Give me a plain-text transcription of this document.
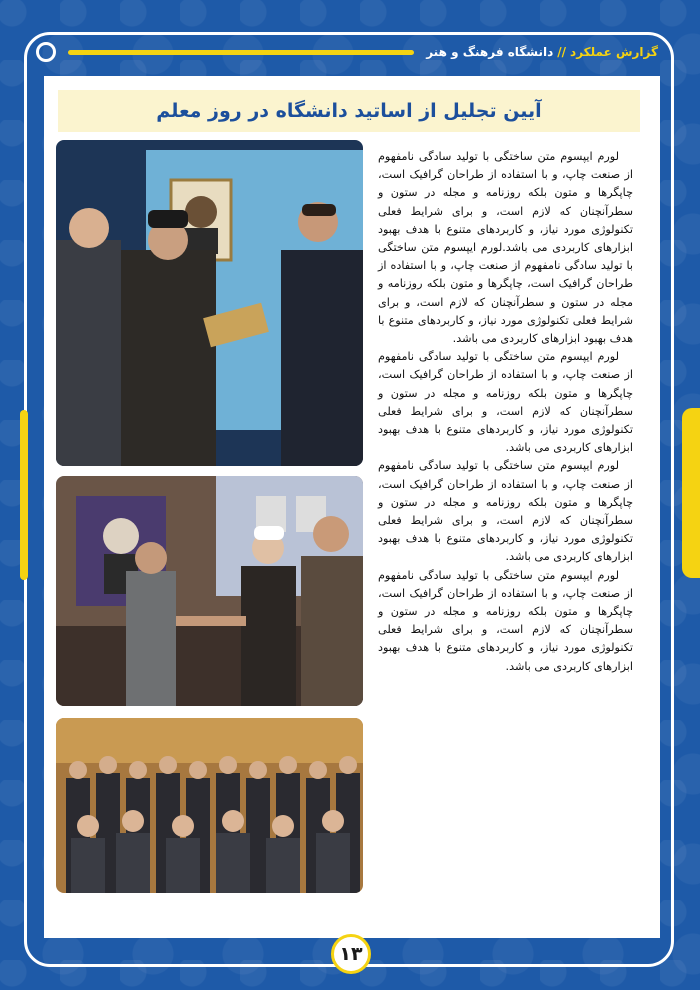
گزارش عملکرد//دانشگاه فرهنگ و هنر
آیین تجلیل از اساتید دانشگاه در روز معلم

لورم ایپسوم متن ساختگی با تولید سادگی نامفهوم از صنعت چاپ، و با استفاده از طراحان گرافیک است، چاپگرها و متون بلکه روزنامه و مجله در ستون و سطرآنچنان که لازم است، و برای شرایط فعلی تکنولوژی مورد نیاز، و کاربردهای متنوع با هدف بهبود ابزارهای کاربردی می باشد.لورم ایپسوم متن ساختگی با تولید سادگی نامفهوم از صنعت چاپ، و با استفاده از طراحان گرافیک است، چاپگرها و متون بلکه روزنامه و مجله در ستون و سطرآنچنان که لازم است، و برای شرایط فعلی تکنولوژی مورد نیاز، و کاربردهای متنوع با هدف بهبود ابزارهای کاربردی می باشد.

لورم ایپسوم متن ساختگی با تولید سادگی نامفهوم از صنعت چاپ، و با استفاده از طراحان گرافیک است، چاپگرها و متون بلکه روزنامه و مجله در ستون و سطرآنچنان که لازم است، و برای شرایط فعلی تکنولوژی مورد نیاز، و کاربردهای متنوع با هدف بهبود ابزارهای کاربردی می باشد.

لورم ایپسوم متن ساختگی با تولید سادگی نامفهوم از صنعت چاپ، و با استفاده از طراحان گرافیک است، چاپگرها و متون بلکه روزنامه و مجله در ستون و سطرآنچنان که لازم است، و برای شرایط فعلی تکنولوژی مورد نیاز، و کاربردهای متنوع با هدف بهبود ابزارهای کاربردی می باشد.

لورم ایپسوم متن ساختگی با تولید سادگی نامفهوم از صنعت چاپ، و با استفاده از طراحان گرافیک است، چاپگرها و متون بلکه روزنامه و مجله در ستون و سطرآنچنان که لازم است، و برای شرایط فعلی تکنولوژی مورد نیاز، و کاربردهای متنوع با هدف بهبود ابزارهای کاربردی می باشد.

۱۳
